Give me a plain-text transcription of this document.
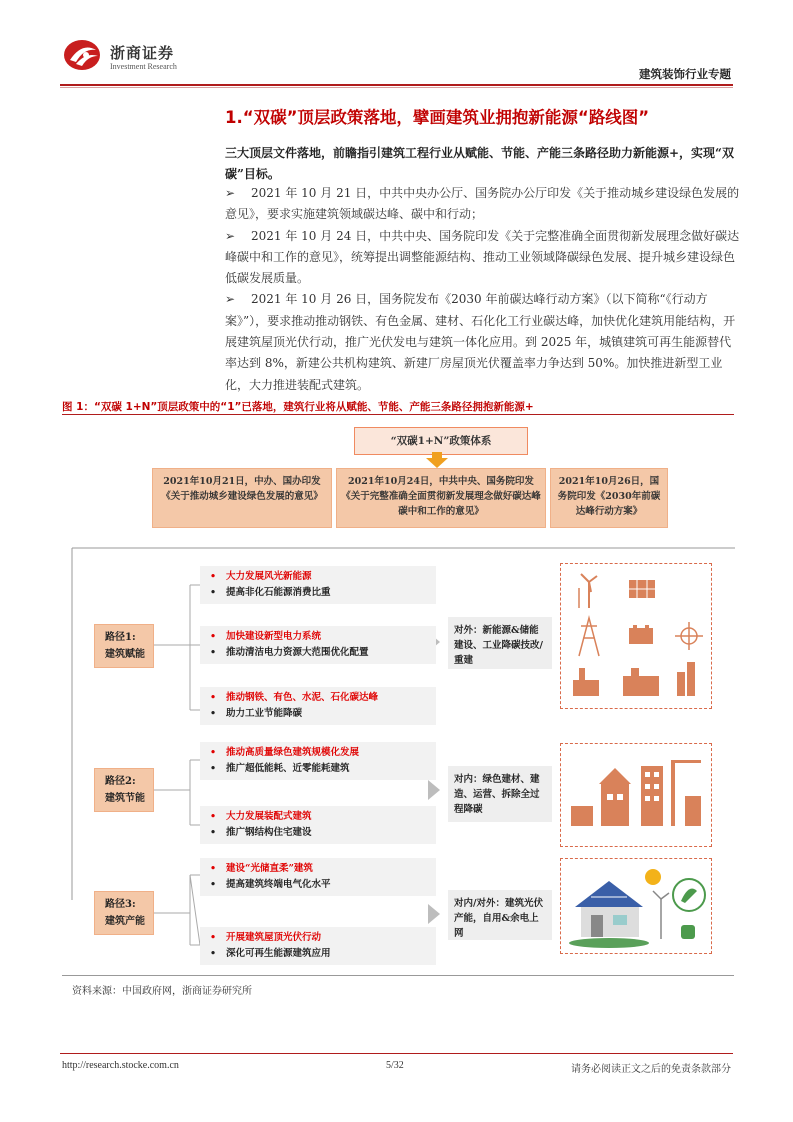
浙商证券
Investment Research
建筑装饰行业专题
1.“双碳”顶层政策落地，擘画建筑业拥抱新能源“路线图”
三大顶层文件落地，前瞻指引建筑工程行业从赋能、节能、产能三条路径助力新能源+，实现“双碳”目标。

➢ 2021 年 10 月 21 日，中共中央办公厅、国务院办公厅印发《关于推动城乡建设绿色发展的意见》，要求实施建筑领域碳达峰、碳中和行动；

➢ 2021 年 10 月 24 日，中共中央、国务院印发《关于完整准确全面贯彻新发展理念做好碳达峰碳中和工作的意见》，统筹提出调整能源结构、推动工业领域降碳绿色发展、提升城乡建设绿色低碳发展质量。

➢ 2021 年 10 月 26 日，国务院发布《2030 年前碳达峰行动方案》（以下简称“《行动方案》”），要求推动推动钢铁、有色金属、建材、石化化工行业碳达峰，加快优化建筑用能结构，开展建筑屋顶光伏行动，推广光伏发电与建筑一体化应用。到 2025 年，城镇建筑可再生能源替代率达到 8%，新建公共机构建筑、新建厂房屋顶光伏覆盖率力争达到 50%。加快推进新型工业化，大力推进装配式建筑。

图 1：“双碳 1+N”顶层政策中的“1”已落地，建筑行业将从赋能、节能、产能三条路径拥抱新能源+
“双碳1+N”政策体系
2021年10月21日，中办、国办印发《关于推动城乡建设绿色发展的意见》
2021年10月24日，中共中央、国务院印发《关于完整准确全面贯彻新发展理念做好碳达峰碳中和工作的意见》
2021年10月26日，国务院印发《2030年前碳达峰行动方案》
路径1:
建筑赋能
• 大力发展风光新能源
• 提高非化石能源消费比重
• 加快建设新型电力系统
• 推动清洁电力资源大范围优化配置
• 推动钢铁、有色、水泥、石化碳达峰
• 助力工业节能降碳
对外：新能源&储能建设、工业降碳技改/重建
路径2:
建筑节能
• 推动高质量绿色建筑规模化发展
• 推广超低能耗、近零能耗建筑
• 大力发展装配式建筑
• 推广钢结构住宅建设
对内：绿色建材、建造、运营、拆除全过程降碳
路径3:
建筑产能
• 建设“光储直柔”建筑
• 提高建筑终端电气化水平
• 开展建筑屋顶光伏行动
• 深化可再生能源建筑应用
对内/对外：建筑光伏产能，自用&余电上网
资料来源：中国政府网，浙商证券研究所
http://research.stocke.com.cn	5/32	请务必阅读正文之后的免责条款部分
